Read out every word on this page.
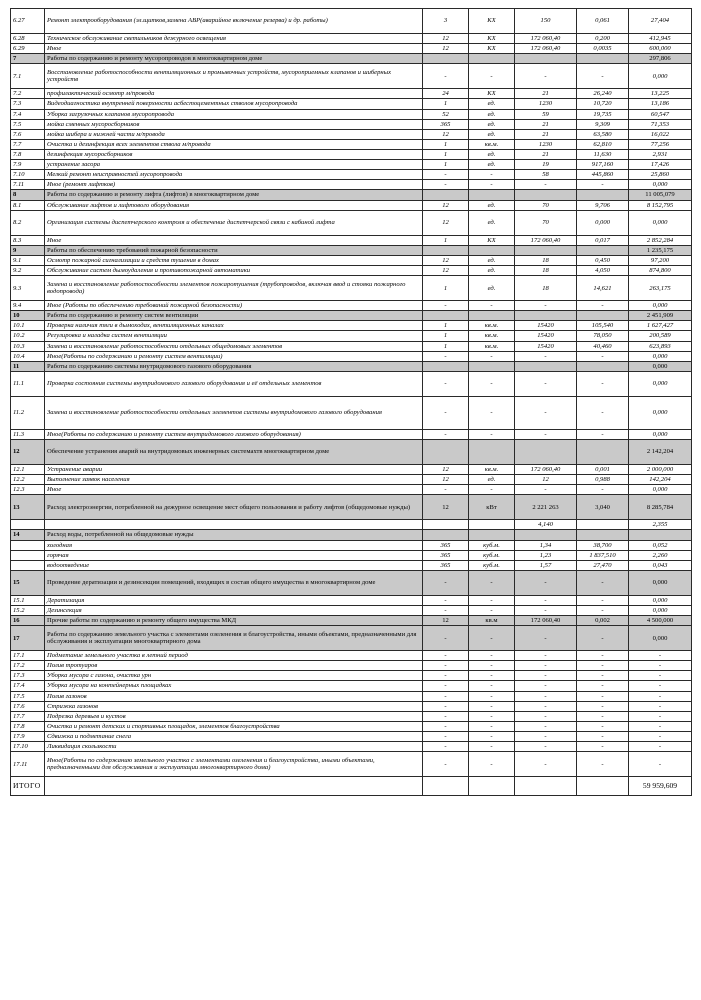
6.27	Ремонт электрооборудования (эл.щитков,замена АВР(аварийное включение резерва) и др. работы)	3	КХ	150	0,061	27,404
6.28	Техническое обслуживание светильников дежурного освещения	12	КХ	172 060,40	0,200	412,945
6.29	Иное	12	КХ	172 060,40	0,0035	600,000
7	Работы по содержанию и ремонту мусоропроводов в многоквартирном доме					297,806
7.1	Восстановление работоспособности вентиляционных и промывочных устройств, мусороприемных клапанов и шиберных устройств	-	-	-	-	0,000
7.2	профилактический осмотр м/провода	24	КХ	21	26,240	13,225
7.3	Видеодиагностика внутренней поверхности асбестоцементных стволов мусоропровода	1	ед.	1230	10,720	13,186
7.4	Уборка загрузочных клапанов мусоропровода	52	ед.	59	19,735	60,547
7.5	мойка сменных мусоросборников	365	ед.	21	9,309	71,353
7.6	мойка шибера и нижней части м/провода	12	ед.	21	63,580	16,022
7.7	Очистка и дезинфекция всех элементов ствола м/провода	1	кв.м.	1230	62,810	77,256
7.8	дезинфекция мусоросборников	1	ед.	21	11,630	2,931
7.9	устранение засора	1	ед.	19	917,160	17,426
7.10	Мелкий ремонт неисправностей мусоропровода	-	-	58	445,860	25,860
7.11	Иное (ремонт лифтков)	-	-	-	-	0,000
8	Работы по содержанию и ремонту лифта (лифтов) в многоквартирном доме					11 005,079
8.1	Обслуживание лифтов и лифтового оборудования	12	ед.	70	9,706	8 152,795
8.2	Организация системы диспетчерского контроля и обеспечение диспетчерской связи с кабиной лифта	12	ед.	70	0,000	0,000
8.3	Иное	1	КХ	172 060,40	0,017	2 852,284
9	Работы по обеспечению требований пожарной безопасности					1 235,175
9.1	Осмотр пожарной сигнализации и средств тушения в домах	12	ед.	18	0,450	97,200
9.2	Обслуживание систем дымоудаления и противопожарной автоматики	12	ед.	18	4,050	874,800
9.3	Замена и восстановление работоспособности элементов пожаротушения (трубопроводов, включая ввод и стояки пожарного водопровода)	1	ед.	18	14,621	263,175
9.4	Иное (Работы по обеспечению требований пожарной безопасности)	-	-	-	-	0,000
10	Работы по содержанию и ремонту систем вентиляции					2 451,909
10.1	Проверка наличия тяги в дымоходах, вентиляционных каналах	1	кв.м.	15420	105,540	1 627,427
10.2	Регулировка и наладка систем вентиляции	1	кв.м.	15420	78,050	200,589
10.3	Замена и восстановление работоспособности отдельных общедомовых элементов	1	кв.м.	15420	40,460	623,893
10.4	Иное(Работы по содержанию и ремонту систем вентиляции)	-	-	-	-	0,000
11	Работы по содержанию системы внутридомового газового оборудования					0,000
11.1	Проверка состояния системы внутридомового газового оборудования и её отдельных элементов	-	-	-	-	0,000
11.2	Замена и восстановление работоспособности отдельных элементов системы внутридомового газового оборудования	-	-	-	-	0,000
11.3	Иное(Работы по содержанию и ремонту систем внутридомового газового оборудования)	-	-	-	-	0,000
12	Обеспечение устранения аварий на внутридомовых инженерных системахтв многоквартирном доме					2 142,204
12.1	Устранение аварии	12	кв.м.	172 060,40	0,001	2 000,000
12.2	Выполнение заявок населения	12	ед.	12	0,988	142,204
12.3	Иное	-	-	-	-	0,000
13	Расход электроэнергии, потребленной на дежурное освещение мест общего пользования и работу лифтов (общедомовые нужды)	12	кВт	2 221 263	3,040	8 285,784
				4,140		2,355
14	Расход воды, потребленной на общедомовые нужды					
	холодная	365	куб.м.	1,34	38,700	0,052
	горячая	365	куб.м.	1,23	1 837,510	2,260
	водоотведение	365	куб.м.	1,57	27,470	0,043
15	Проведение дератизации и дезинсекции помещений, входящих в состав общего имущества в многоквартирном доме	-	-	-	-	0,000
15.1	Дератизация	-	-	-	-	0,000
15.2	Дезинсекция	-	-	-	-	0,000
16	Прочие работы по содержанию и ремонту общего имущества МКД	12	кв.м	172 060,40	0,002	4 500,000
17	Работы по содержанию земельного участка с элементами озеленения и благоустройства, иными объектами, предназначенными для обслуживания и эксплуатации многоквартирного дома	-	-	-	-	0,000
17.1	Подметание земельного участка в летний период	-	-	-	-	-
17.2	Полив тротуаров	-	-	-	-	-
17.3	Уборка мусора с газона, очистка урн	-	-	-	-	-
17.4	Уборка мусора на контейнерных площадках	-	-	-	-	-
17.5	Полив газонов	-	-	-	-	-
17.6	Стрижка газонов	-	-	-	-	-
17.7	Подрезка деревьев и кустов	-	-	-	-	-
17.8	Очистка и ремонт детских и спортивных площадок, элементов благоустройства	-	-	-	-	-
17.9	Сдвижка и подметание снега	-	-	-	-	-
17.10	Ликвидация скользкости	-	-	-	-	-
17.11	Иное(Работы по содержанию земельного участка с элементами озеленения и благоустройства, иными объектами, предназначенными для обслуживания и эксплуатации многоквартирного дома)	-	-	-	-	-
ИТОГО						59 959,609
